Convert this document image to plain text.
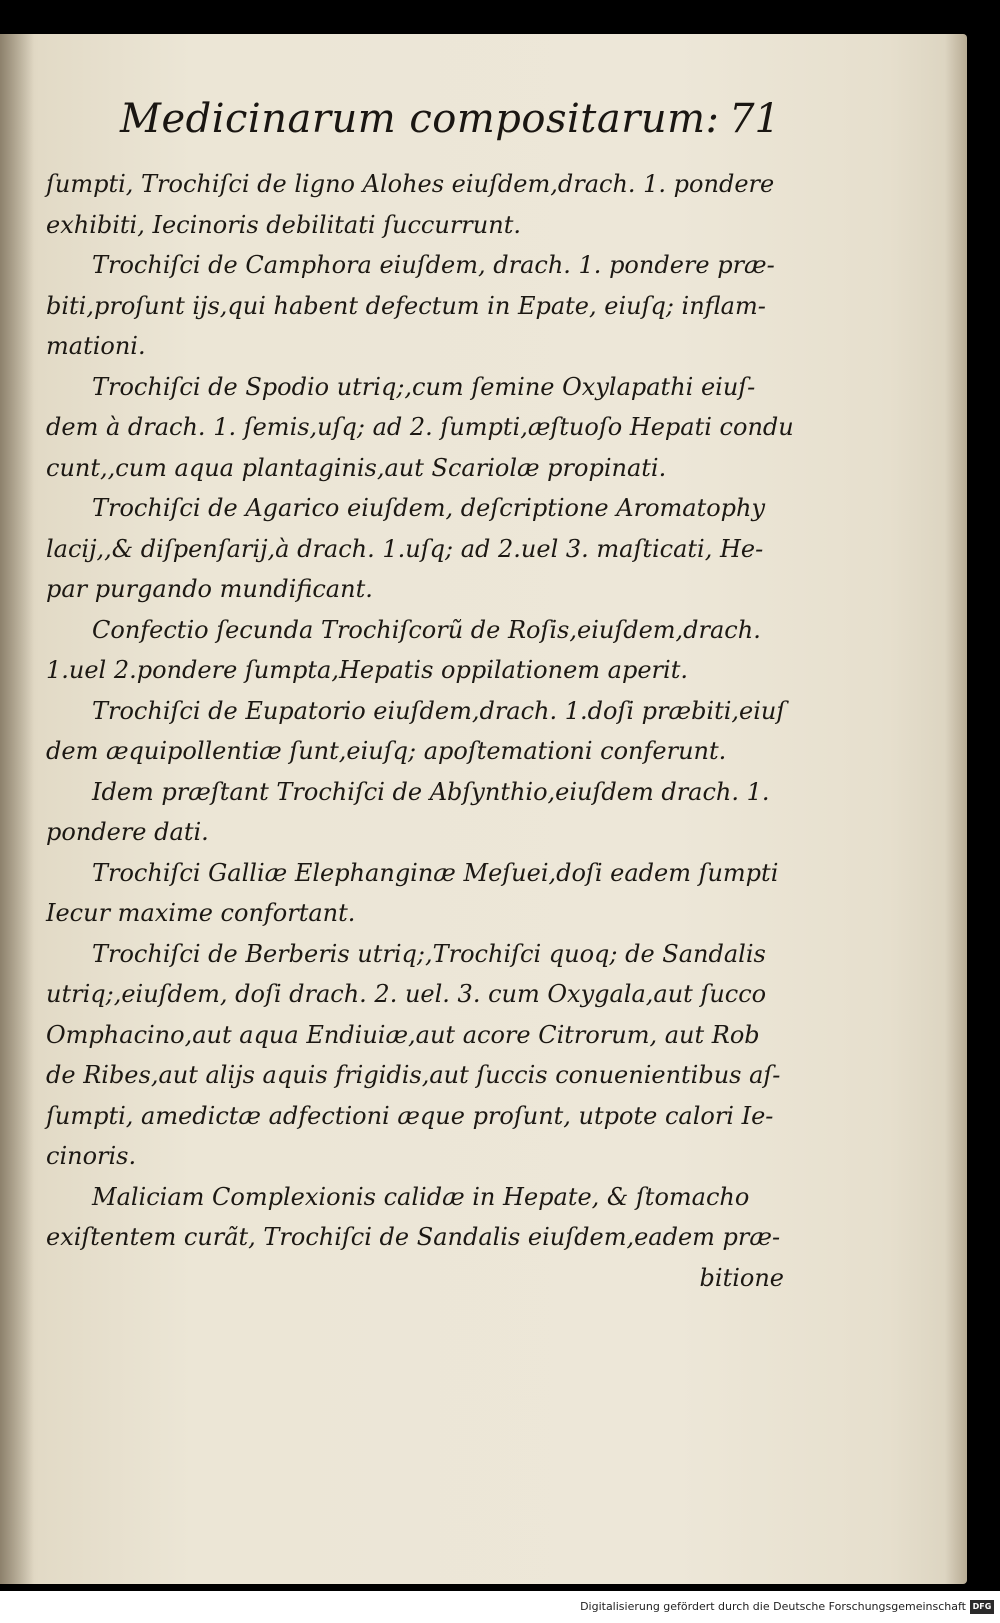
Medicinarum compositarum: 71
ſumpti, Trochiſci de ligno Alohes eiuſdem,drach. 1. pondere
exhibiti, Iecinoris debilitati ſuccurrunt.
Trochiſci de Camphora eiuſdem, drach. 1. pondere præ-
biti,proſunt ijs,qui habent defectum in Epate, eiuſq; inflam-
mationi.
Trochiſci de Spodio utriq;,cum ſemine Oxylapathi eiuſ-
dem à drach. 1. ſemis,uſq; ad 2. ſumpti,æſtuoſo Hepati condu
cunt,,cum aqua plantaginis,aut Scariolæ propinati.
Trochiſci de Agarico eiuſdem, deſcriptione Aromatophy
lacij,,& diſpenſarij,à drach. 1.uſq; ad 2.uel 3. maſticati, He-
par purgando mundificant.
Confectio ſecunda Trochiſcorũ de Roſis,eiuſdem,drach.
1.uel 2.pondere ſumpta,Hepatis oppilationem aperit.
Trochiſci de Eupatorio eiuſdem,drach. 1.doſi præbiti,eiuſ
dem æquipollentiæ ſunt,eiuſq; apoſtemationi conferunt.
Idem præſtant Trochiſci de Abſynthio,eiuſdem drach. 1.
pondere dati.
Trochiſci Galliæ Elephanginæ Meſuei,doſi eadem ſumpti
Iecur maxime confortant.
Trochiſci de Berberis utriq;,Trochiſci quoq; de Sandalis
utriq;,eiuſdem, doſi drach. 2. uel. 3. cum Oxygala,aut ſucco
Omphacino,aut aqua Endiuiæ,aut acore Citrorum, aut Rob
de Ribes,aut alijs aquis frigidis,aut ſuccis conuenientibus aſ-
ſumpti, amedictæ adfectioni æque proſunt, utpote calori Ie-
cinoris.
Maliciam Complexionis calidæ in Hepate, & ſtomacho
exiſtentem curãt, Trochiſci de Sandalis eiuſdem,eadem præ-
bitione
Digitalisierung gefördert durch die Deutsche Forschungsgemeinschaft DFG
